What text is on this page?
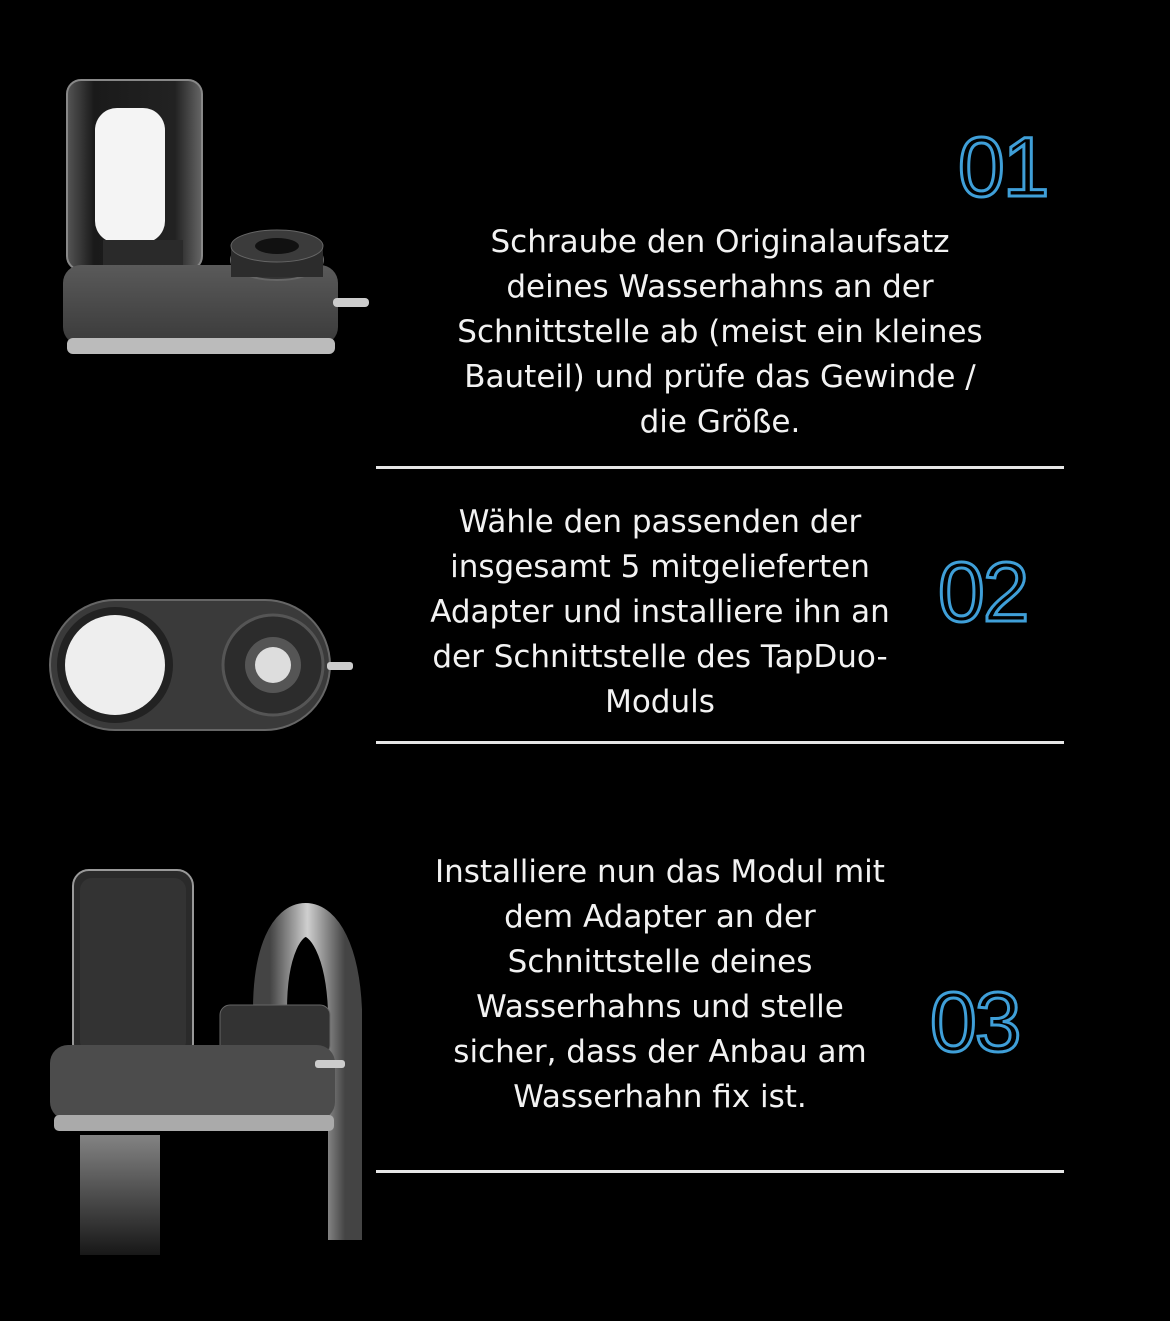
01
Schraube den Originalaufsatz
deines Wasserhahns an der
Schnittstelle ab (meist ein kleines
Bauteil) und prüfe das Gewinde /
die Größe.
Wähle den passenden der
insgesamt 5 mitgelieferten
Adapter und installiere ihn an
der Schnittstelle des TapDuo-
Moduls
02
Installiere nun das Modul mit
dem Adapter an der
Schnittstelle deines
Wasserhahns und stelle
sicher, dass der Anbau am
Wasserhahn fix ist.
03
